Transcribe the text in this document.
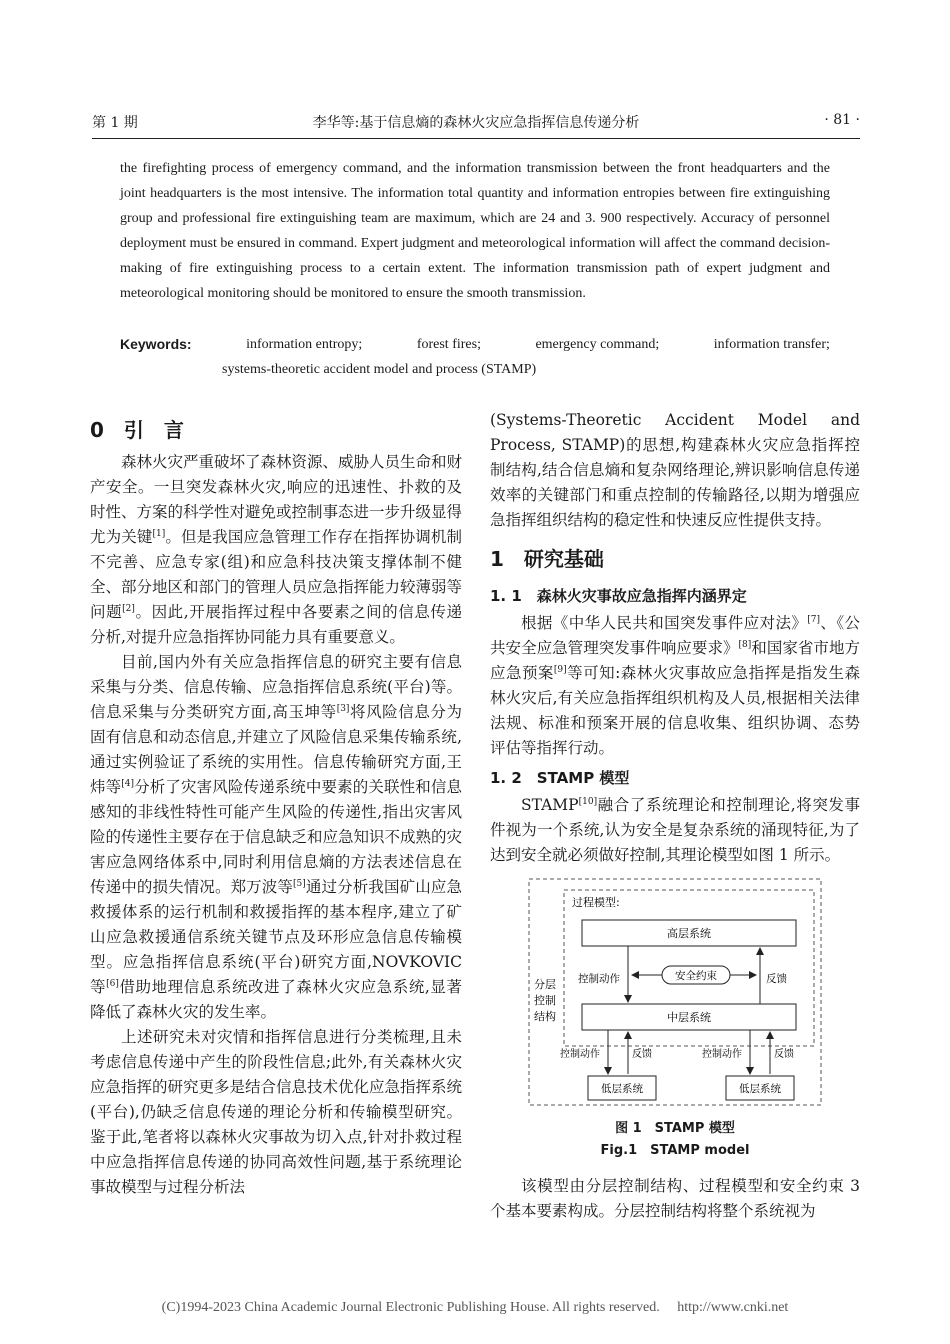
第 1 期	李华等:基于信息熵的森林火灾应急指挥信息传递分析	· 81 ·
the firefighting process of emergency command, and the information transmission between the front headquarters and the joint headquarters is the most intensive. The information total quantity and information entropies between fire extinguishing group and professional fire extinguishing team are maximum, which are 24 and 3. 900 respectively. Accuracy of personnel deployment must be ensured in command. Expert judgment and meteorological information will affect the command decision-making of fire extinguishing process to a certain extent. The information transmission path of expert judgment and meteorological monitoring should be monitored to ensure the smooth transmission.
Keywords:	information entropy;	forest fires;	emergency command;	information transfer;
systems-theoretic accident model and process (STAMP)
0　引　言

森林火灾严重破坏了森林资源、威胁人员生命和财产安全。一旦突发森林火灾,响应的迅速性、扑救的及时性、方案的科学性对避免或控制事态进一步升级显得尤为关键[1]。但是我国应急管理工作存在指挥协调机制不完善、应急专家(组)和应急科技决策支撑体制不健全、部分地区和部门的管理人员应急指挥能力较薄弱等问题[2]。因此,开展指挥过程中各要素之间的信息传递分析,对提升应急指挥协同能力具有重要意义。

目前,国内外有关应急指挥信息的研究主要有信息采集与分类、信息传输、应急指挥信息系统(平台)等。信息采集与分类研究方面,高玉坤等[3]将风险信息分为固有信息和动态信息,并建立了风险信息采集传输系统,通过实例验证了系统的实用性。信息传输研究方面,王炜等[4]分析了灾害风险传递系统中要素的关联性和信息感知的非线性特性可能产生风险的传递性,指出灾害风险的传递性主要存在于信息缺乏和应急知识不成熟的灾害应急网络体系中,同时利用信息熵的方法表述信息在传递中的损失情况。郑万波等[5]通过分析我国矿山应急救援体系的运行机制和救援指挥的基本程序,建立了矿山应急救援通信系统关键节点及环形应急信息传输模型。应急指挥信息系统(平台)研究方面,NOVKOVIC 等[6]借助地理信息系统改进了森林火灾应急系统,显著降低了森林火灾的发生率。

上述研究未对灾情和指挥信息进行分类梳理,且未考虑信息传递中产生的阶段性信息;此外,有关森林火灾应急指挥的研究更多是结合信息技术优化应急指挥系统(平台),仍缺乏信息传递的理论分析和传输模型研究。鉴于此,笔者将以森林火灾事故为切入点,针对扑救过程中应急指挥信息传递的协同高效性问题,基于系统理论事故模型与过程分析法

(Systems-Theoretic Accident Model and Process, STAMP)的思想,构建森林火灾应急指挥控制结构,结合信息熵和复杂网络理论,辨识影响信息传递效率的关键部门和重点控制的传输路径,以期为增强应急指挥组织结构的稳定性和快速反应性提供支持。

1　研究基础
1. 1　森林火灾事故应急指挥内涵界定

根据《中华人民共和国突发事件应对法》[7]、《公共安全应急管理突发事件响应要求》[8]和国家省市地方应急预案[9]等可知:森林火灾事故应急指挥是指发生森林火灾后,有关应急指挥组织机构及人员,根据相关法律法规、标准和预案开展的信息收集、组织协调、态势评估等指挥行动。

1. 2　STAMP 模型

STAMP[10]融合了系统理论和控制理论,将突发事件视为一个系统,认为安全是复杂系统的涌现特征,为了达到安全就必须做好控制,其理论模型如图 1 所示。

过程模型:
高层系统
中层系统
控制动作	反馈
安全约束
分层
控制
结构
控制动作	反馈	控制动作	反馈
低层系统	低层系统
图 1　STAMP 模型
Fig.1　STAMP model

该模型由分层控制结构、过程模型和安全约束 3 个基本要素构成。分层控制结构将整个系统视为

(C)1994-2023 China Academic Journal Electronic Publishing House. All rights reserved.　 http://www.cnki.net
